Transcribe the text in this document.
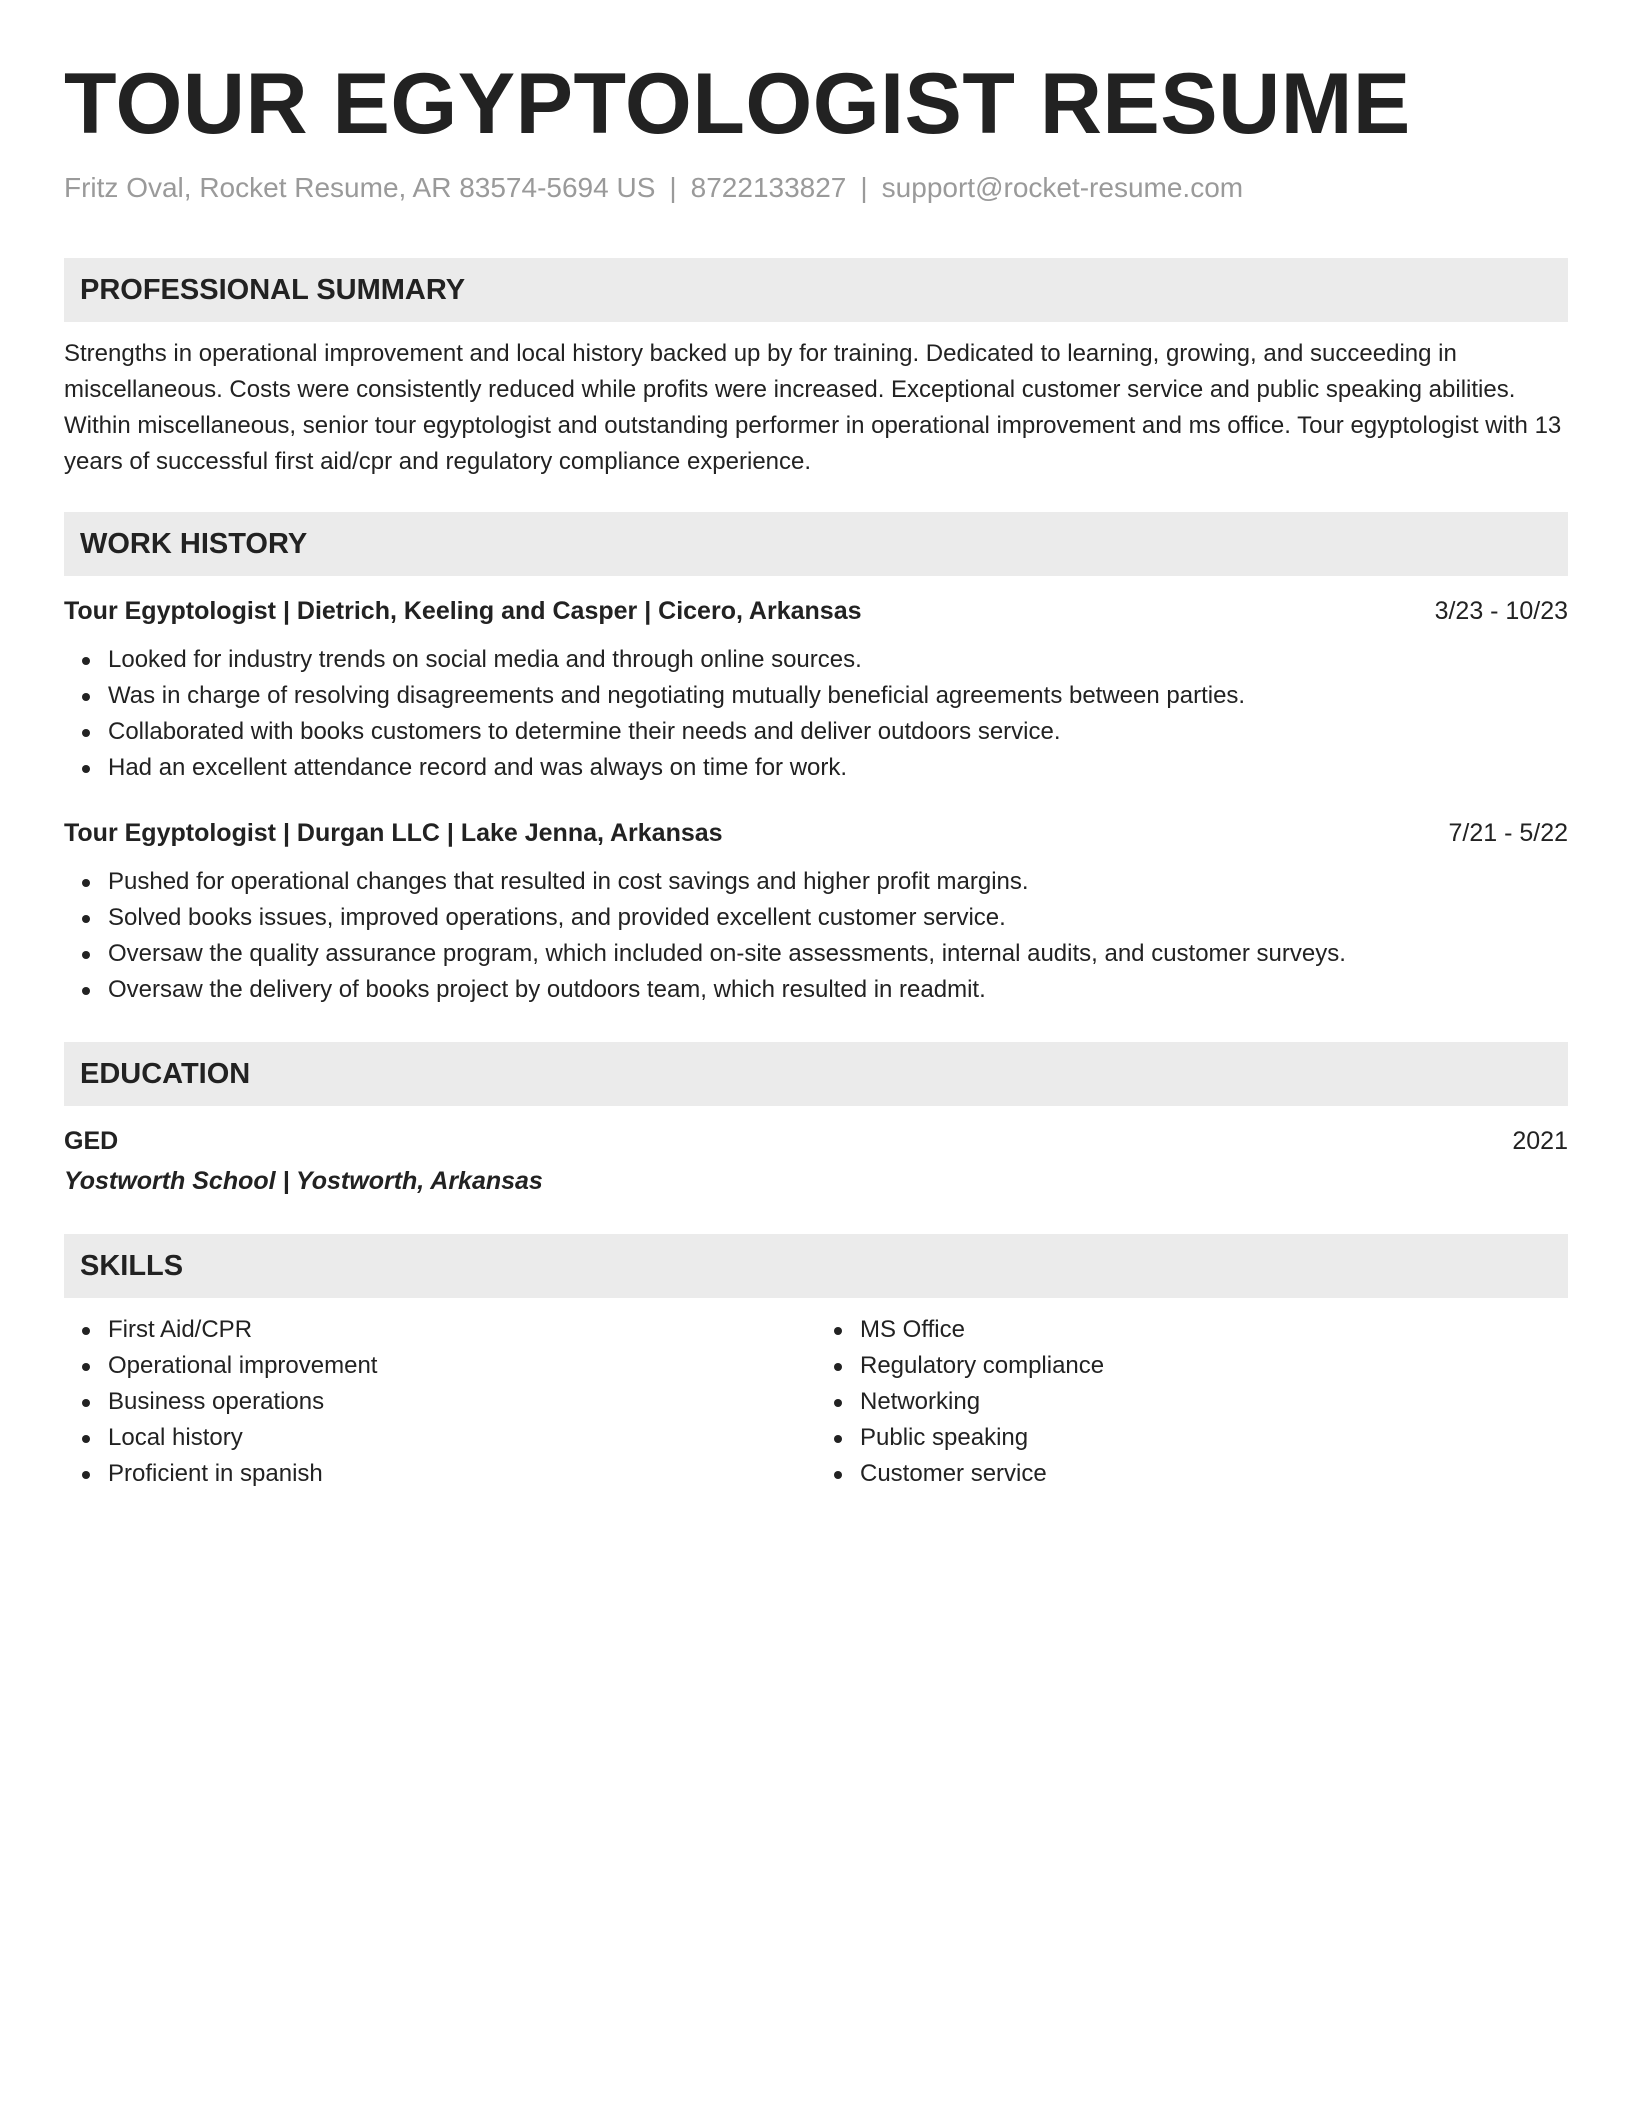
TOUR EGYPTOLOGIST RESUME
Fritz Oval, Rocket Resume, AR 83574-5694 US | 8722133827 | support@rocket-resume.com
PROFESSIONAL SUMMARY
Strengths in operational improvement and local history backed up by for training. Dedicated to learning, growing, and succeeding in miscellaneous. Costs were consistently reduced while profits were increased. Exceptional customer service and public speaking abilities. Within miscellaneous, senior tour egyptologist and outstanding performer in operational improvement and ms office. Tour egyptologist with 13 years of successful first aid/cpr and regulatory compliance experience.
WORK HISTORY
Tour Egyptologist | Dietrich, Keeling and Casper | Cicero, Arkansas	3/23 - 10/23
Looked for industry trends on social media and through online sources.
Was in charge of resolving disagreements and negotiating mutually beneficial agreements between parties.
Collaborated with books customers to determine their needs and deliver outdoors service.
Had an excellent attendance record and was always on time for work.
Tour Egyptologist | Durgan LLC | Lake Jenna, Arkansas	7/21 - 5/22
Pushed for operational changes that resulted in cost savings and higher profit margins.
Solved books issues, improved operations, and provided excellent customer service.
Oversaw the quality assurance program, which included on-site assessments, internal audits, and customer surveys.
Oversaw the delivery of books project by outdoors team, which resulted in readmit.
EDUCATION
GED	2021
Yostworth School | Yostworth, Arkansas
SKILLS
First Aid/CPR
Operational improvement
Business operations
Local history
Proficient in spanish
MS Office
Regulatory compliance
Networking
Public speaking
Customer service
